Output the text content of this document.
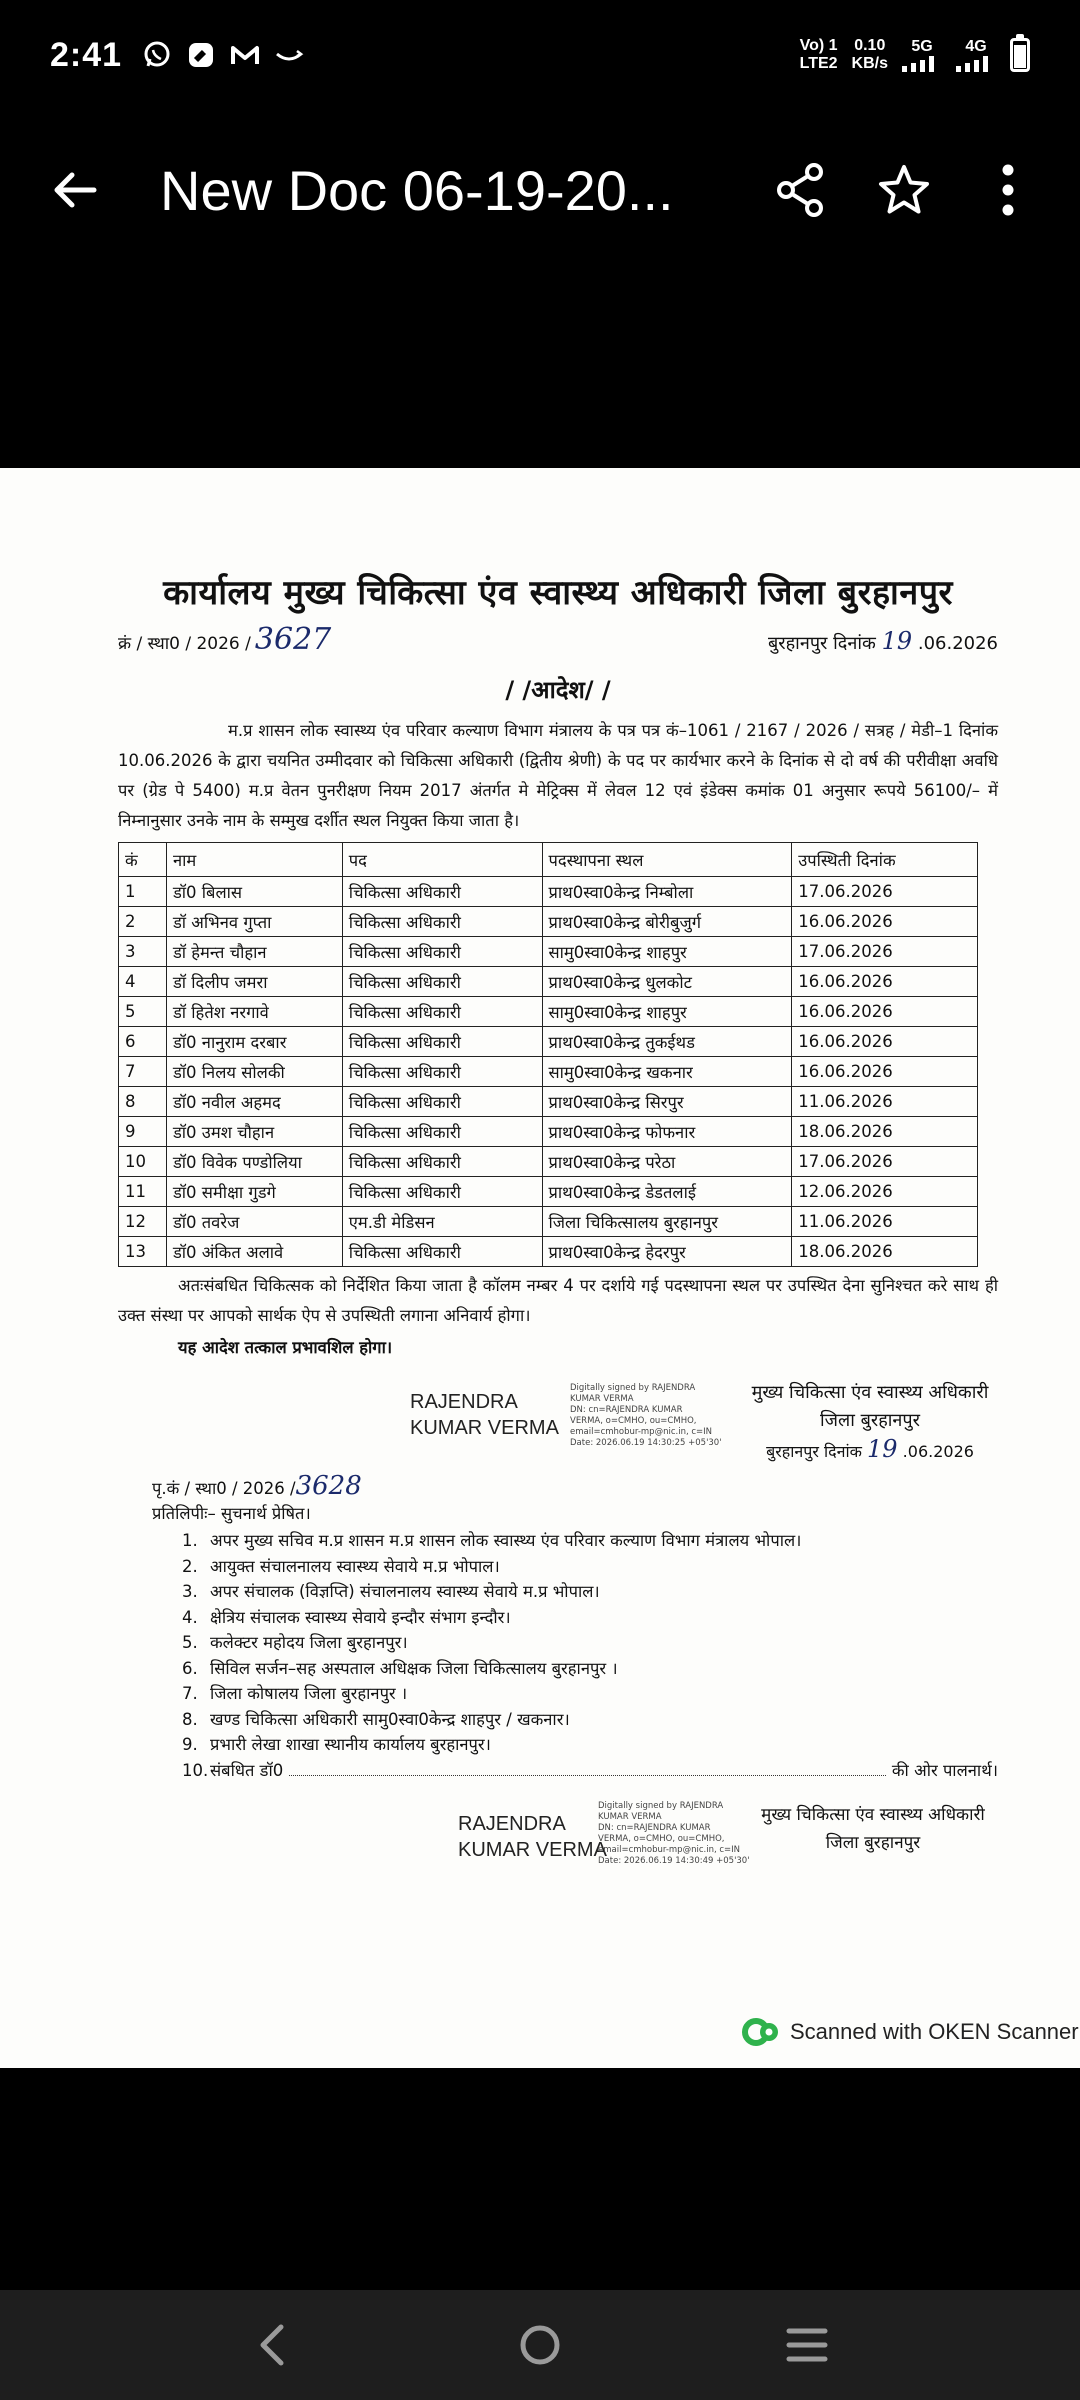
2:41	Vo) 1
LTE2
0.10
KB/s
5G 4G
New Doc 06-19-20...
कार्यालय मुख्य चिकित्सा एंव स्वास्थ्य अधिकारी जिला बुरहानपुर
क्रं / स्था0 / 2026 / 3627	बुरहानपुर दिनांक 19 .06.2026
/ /आदेश/ /

म.प्र शासन लोक स्वास्थ्य एंव परिवार कल्याण विभाग मंत्रालय के पत्र पत्र कं–1061 / 2167 / 2026 / सत्रह / मेडी–1 दिनांक 10.06.2026 के द्वारा चयनित उम्मीदवार को चिकित्सा अधिकारी (द्वितीय श्रेणी) के पद पर कार्यभार करने के दिनांक से दो वर्ष की परीवीक्षा अवधि पर (ग्रेड पे 5400) म.प्र वेतन पुनरीक्षण नियम 2017 अंतर्गत मे मेट्रिक्स में लेवल 12 एवं इंडेक्स कमांक 01 अनुसार रूपये 56100/– में निम्नानुसार उनके नाम के सम्मुख दर्शीत स्थल नियुक्त किया जाता है।

कं	नाम	पद	पदस्थापना स्थल	उपस्थिती दिनांक
1	डॉ0 बिलास	चिकित्सा अधिकारी	प्राथ0स्वा0केन्द्र निम्बोला	17.06.2026
2	डॉ अभिनव गुप्ता	चिकित्सा अधिकारी	प्राथ0स्वा0केन्द्र बोरीबुजुर्ग	16.06.2026
3	डॉ हेमन्त चौहान	चिकित्सा अधिकारी	सामु0स्वा0केन्द्र शाहपुर	17.06.2026
4	डॉ दिलीप जमरा	चिकित्सा अधिकारी	प्राथ0स्वा0केन्द्र धुलकोट	16.06.2026
5	डॉ हितेश नरगावे	चिकित्सा अधिकारी	सामु0स्वा0केन्द्र शाहपुर	16.06.2026
6	डॉ0 नानुराम दरबार	चिकित्सा अधिकारी	प्राथ0स्वा0केन्द्र तुकईथड	16.06.2026
7	डॉ0 निलय सोलकी	चिकित्सा अधिकारी	सामु0स्वा0केन्द्र खकनार	16.06.2026
8	डॉ0 नवील अहमद	चिकित्सा अधिकारी	प्राथ0स्वा0केन्द्र सिरपुर	11.06.2026
9	डॉ0 उमश चौहान	चिकित्सा अधिकारी	प्राथ0स्वा0केन्द्र फोफनार	18.06.2026
10	डॉ0 विवेक पण्डोलिया	चिकित्सा अधिकारी	प्राथ0स्वा0केन्द्र परेठा	17.06.2026
11	डॉ0 समीक्षा गुडगे	चिकित्सा अधिकारी	प्राथ0स्वा0केन्द्र डेडतलाई	12.06.2026
12	डॉ0 तवरेज	एम.डी मेडिसन	जिला चिकित्सालय बुरहानपुर	11.06.2026
13	डॉ0 अंकित अलावे	चिकित्सा अधिकारी	प्राथ0स्वा0केन्द्र हेदरपुर	18.06.2026

अतःसंबधित चिकित्सक को निर्देशित किया जाता है कॉलम नम्बर 4 पर दर्शाये गई पदस्थापना स्थल पर उपस्थित देना सुनिश्चत करे साथ ही उक्त संस्था पर आपको सार्थक ऐप से उपस्थिती लगाना अनिवार्य होगा।

यह आदेश तत्काल प्रभावशिल होगा।

RAJENDRA
KUMAR VERMA
Digitally signed by RAJENDRA
KUMAR VERMA
DN: cn=RAJENDRA KUMAR
VERMA, o=CMHO, ou=CMHO,
email=cmhobur-mp@nic.in, c=IN
Date: 2026.06.19 14:30:25 +05'30'
मुख्य चिकित्सा एंव स्वास्थ्य अधिकारी
जिला बुरहानपुर
बुरहानपुर दिनांक 19 .06.2026
पृ.कं / स्था0 / 2026 / 3628
प्रतिलिपीः– सुचनार्थ प्रेषित।
1. अपर मुख्य सचिव म.प्र शासन म.प्र शासन लोक स्वास्थ्य एंव परिवार कल्याण विभाग मंत्रालय भोपाल।
2. आयुक्त संचालनालय स्वास्थ्य सेवाये म.प्र भोपाल।
3. अपर संचालक (विज्ञप्ति) संचालनालय स्वास्थ्य सेवाये म.प्र भोपाल।
4. क्षेत्रिय संचालक स्वास्थ्य सेवाये इन्दौर संभाग इन्दौर।
5. कलेक्टर महोदय जिला बुरहानपुर।
6. सिविल सर्जन–सह अस्पताल अधिक्षक जिला चिकित्सालय बुरहानपुर ।
7. जिला कोषालय जिला बुरहानपुर ।
8. खण्ड चिकित्सा अधिकारी सामु0स्वा0केन्द्र शाहपुर / खकनार।
9. प्रभारी लेखा शाखा स्थानीय कार्यालय बुरहानपुर।
10. संबधित डॉ0	की ओर पालनार्थ।
RAJENDRA
KUMAR VERMA
Digitally signed by RAJENDRA
KUMAR VERMA
DN: cn=RAJENDRA KUMAR
VERMA, o=CMHO, ou=CMHO,
email=cmhobur-mp@nic.in, c=IN
Date: 2026.06.19 14:30:49 +05'30'
मुख्य चिकित्सा एंव स्वास्थ्य अधिकारी
जिला बुरहानपुर
Scanned with OKEN Scanner
